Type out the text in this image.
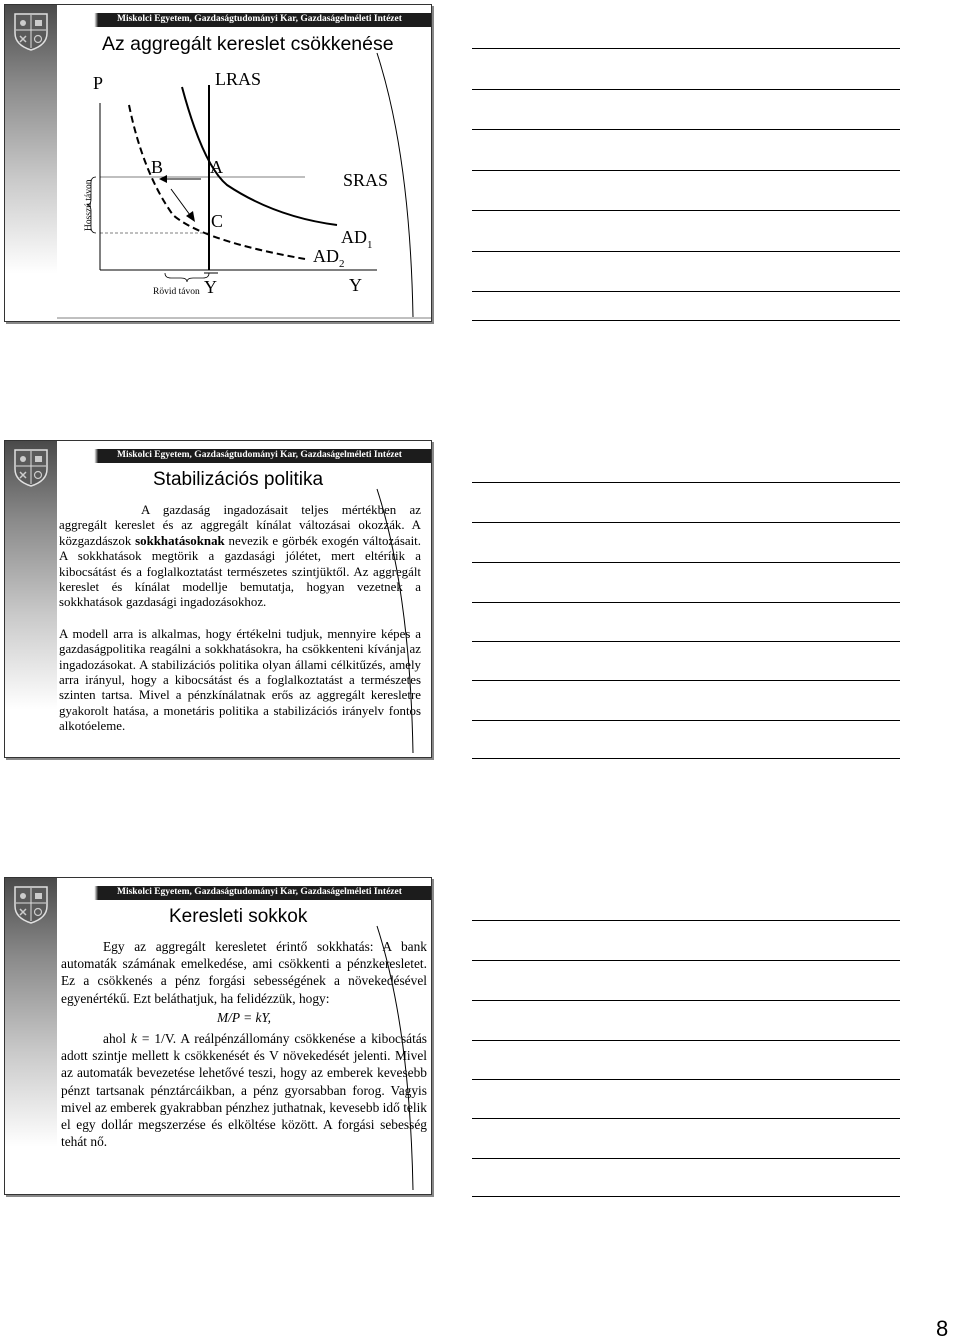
Miskolci Egyetem, Gazdaságtudományi Kar, Gazdaságelméleti Intézet
Az aggregált kereslet csökkenése
P	LRAS
B	A
SRAS
C
$AD_1$
$AD_2$
Y
Y
Rövid távon
Hosszú távon
Miskolci Egyetem, Gazdaságtudományi Kar, Gazdaságelméleti Intézet
Stabilizációs politika

A gazdaság ingadozásait teljes mértékben az aggregált kereslet és az aggregált kínálat változásai okozzák. A közgazdászok sokkhatásoknak nevezik e görbék exogén változásait. A sokkhatások megtörik a gazdasági jólétet, mert eltérítik a kibocsátást és a foglalkoztatást természetes szintjüktől. Az aggregált kereslet és kínálat modellje bemutatja, hogyan vezetnek a sokkhatások gazdasági ingadozásokhoz.

A modell arra is alkalmas, hogy értékelni tudjuk, mennyire képes a gazdaságpolitika reagálni a sokkhatásokra, ha csökkenteni kívánja az ingadozásokat. A stabilizációs politika olyan állami célkitűzés, amely arra irányul, hogy a kibocsátást és a foglalkoztatást a természetes szinten tartsa. Mivel a pénzkínálatnak erős az aggregált keresletre gyakorolt hatása, a monetáris politika a stabilizációs irányelv fontos alkotóeleme.

Miskolci Egyetem, Gazdaságtudományi Kar, Gazdaságelméleti Intézet
Keresleti sokkok

Egy az aggregált keresletet érintő sokkhatás: A bank automaták számának emelkedése, ami csökkenti a pénzkeresletet. Ez a csökkenés a pénz forgási sebességének a növekedésével egyenértékű. Ezt beláthatjuk, ha felidézzük, hogy:

M/P = kY,

ahol k = 1/V. A reálpénzállomány csökkenése a kibocsátás adott szintje mellett k csökkenését és V növekedését jelenti. Mivel az automaták bevezetése lehetővé teszi, hogy az emberek kevesebb pénzt tartsanak pénztárcáikban, a pénz gyorsabban forog. Vagyis mivel az emberek gyakrabban pénzhez juthatnak, kevesebb idő telik el egy dollár megszerzése és elköltése között. A forgási sebesség tehát nő.

8
